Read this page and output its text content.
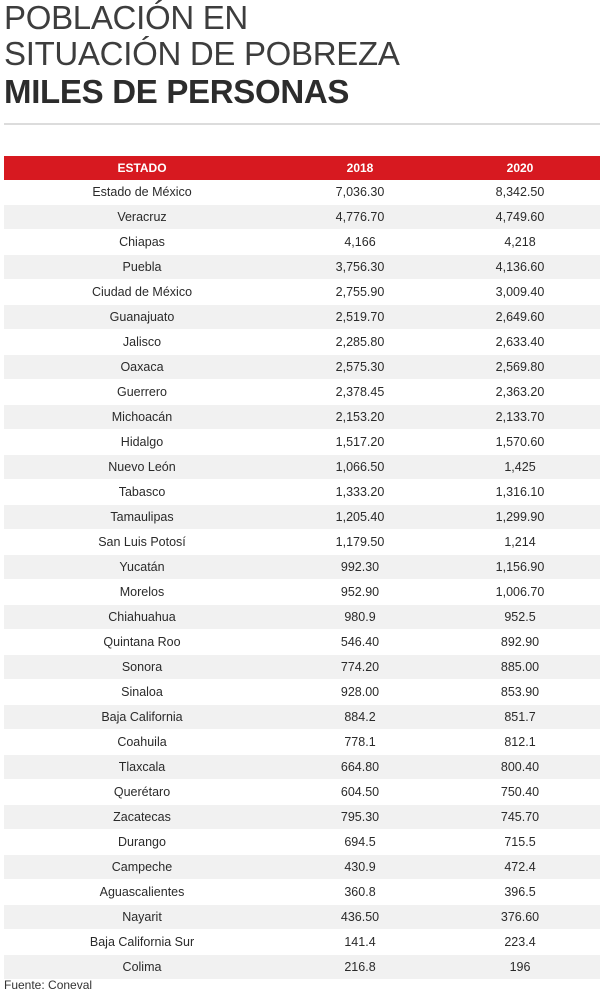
POBLACIÓN EN
SITUACIÓN DE POBREZA
MILES DE PERSONAS
ESTADO	2018	2020
Estado de México	7,036.30	8,342.50
Veracruz	4,776.70	4,749.60
Chiapas	4,166	4,218
Puebla	3,756.30	4,136.60
Ciudad de México	2,755.90	3,009.40
Guanajuato	2,519.70	2,649.60
Jalisco	2,285.80	2,633.40
Oaxaca	2,575.30	2,569.80
Guerrero	2,378.45	2,363.20
Michoacán	2,153.20	2,133.70
Hidalgo	1,517.20	1,570.60
Nuevo León	1,066.50	1,425
Tabasco	1,333.20	1,316.10
Tamaulipas	1,205.40	1,299.90
San Luis Potosí	1,179.50	1,214
Yucatán	992.30	1,156.90
Morelos	952.90	1,006.70
Chiahuahua	980.9	952.5
Quintana Roo	546.40	892.90
Sonora	774.20	885.00
Sinaloa	928.00	853.90
Baja California	884.2	851.7
Coahuila	778.1	812.1
Tlaxcala	664.80	800.40
Querétaro	604.50	750.40
Zacatecas	795.30	745.70
Durango	694.5	715.5
Campeche	430.9	472.4
Aguascalientes	360.8	396.5
Nayarit	436.50	376.60
Baja California Sur	141.4	223.4
Colima	216.8	196
Fuente: Coneval
